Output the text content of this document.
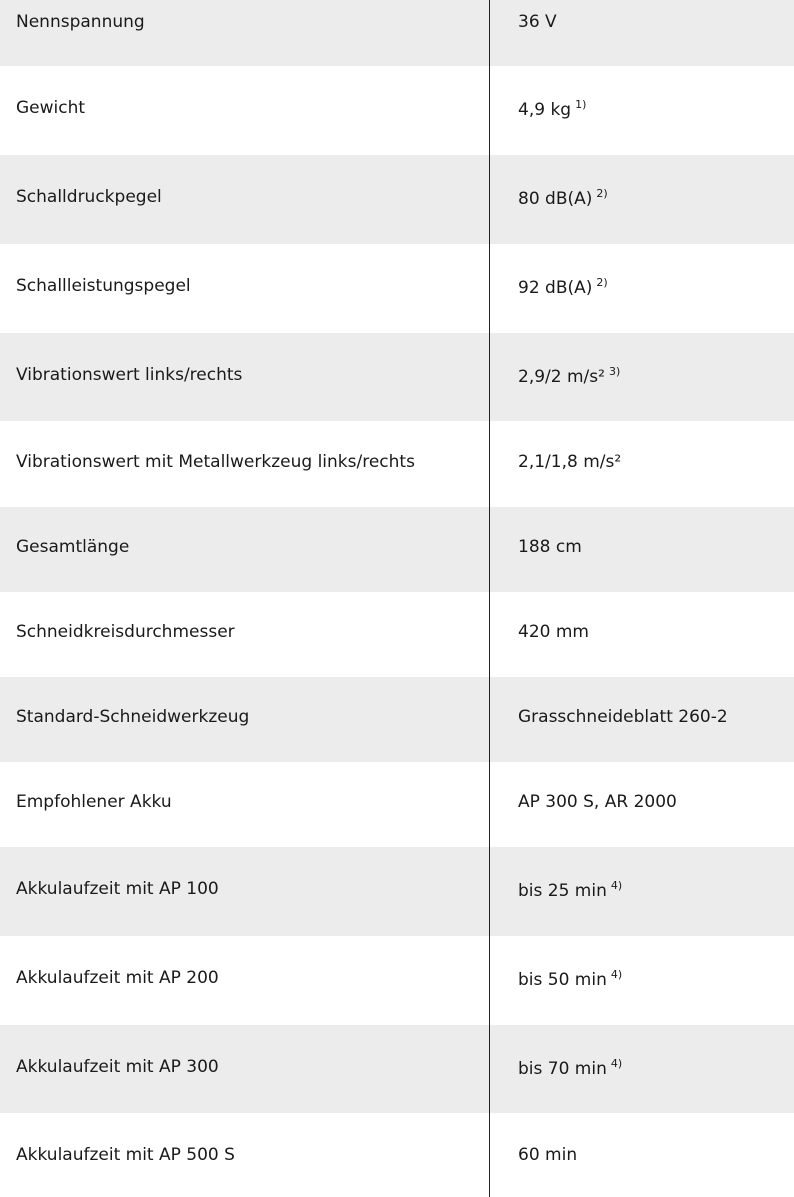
Nennspannung	36 V
Gewicht	4,9 kg $^{1)}$
Schalldruckpegel	80 dB(A) $^{2)}$
Schallleistungspegel	92 dB(A) $^{2)}$
Vibrationswert links/rechts	2,9/2 m/s² $^{3)}$
Vibrationswert mit Metallwerkzeug links/rechts	2,1/1,8 m/s²
Gesamtlänge	188 cm
Schneidkreisdurchmesser	420 mm
Standard-Schneidwerkzeug	Grasschneideblatt 260-2
Empfohlener Akku	AP 300 S, AR 2000
Akkulaufzeit mit AP 100	bis 25 min $^{4)}$
Akkulaufzeit mit AP 200	bis 50 min $^{4)}$
Akkulaufzeit mit AP 300	bis 70 min $^{4)}$
Akkulaufzeit mit AP 500 S	60 min
